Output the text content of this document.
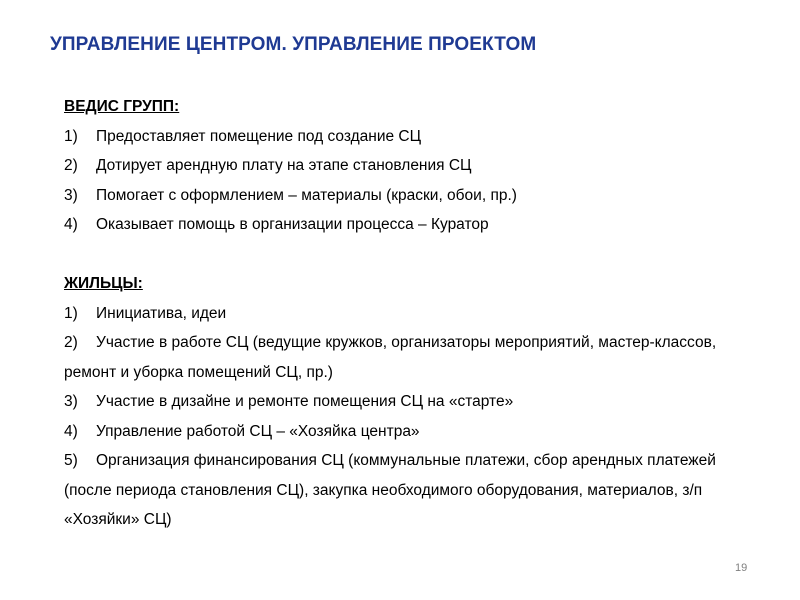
УПРАВЛЕНИЕ ЦЕНТРОМ. УПРАВЛЕНИЕ ПРОЕКТОМ
ВЕДИС ГРУПП:
1) Предоставляет помещение под создание СЦ
2) Дотирует арендную плату на этапе становления СЦ
3) Помогает с оформлением – материалы (краски, обои, пр.)
4) Оказывает помощь в организации процесса – Куратор
ЖИЛЬЦЫ:
1) Инициатива, идеи
2) Участие в работе СЦ (ведущие кружков, организаторы мероприятий, мастер-классов, ремонт и уборка помещений СЦ, пр.)
3) Участие в дизайне и ремонте помещения СЦ на «старте»
4) Управление работой СЦ – «Хозяйка центра»
5) Организация финансирования СЦ (коммунальные платежи, сбор арендных платежей (после периода становления СЦ), закупка необходимого оборудования, материалов, з/п «Хозяйки» СЦ)
19
